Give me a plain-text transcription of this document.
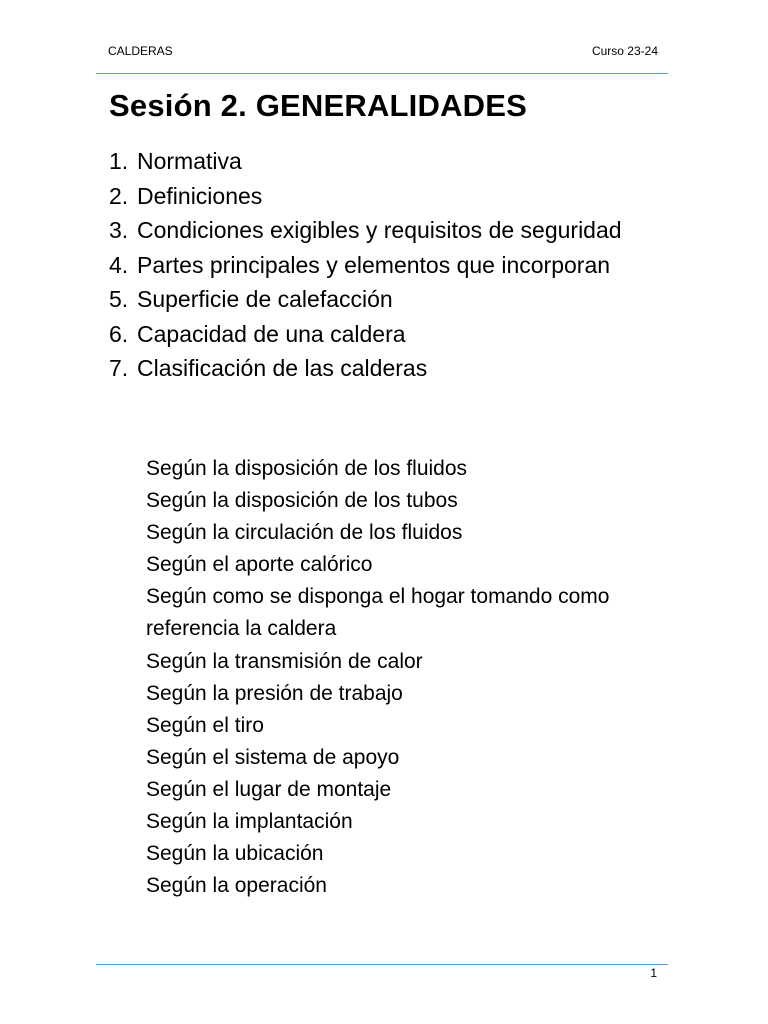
CALDERAS	Curso 23-24
Sesión 2. GENERALIDADES
1. Normativa
2. Definiciones
3. Condiciones exigibles y requisitos de seguridad
4. Partes principales y elementos que incorporan
5. Superficie de calefacción
6. Capacidad de una caldera
7. Clasificación de las calderas
Según la disposición de los fluidos
Según la disposición de los tubos
Según la circulación de los fluidos
Según el aporte calórico
Según como se disponga el hogar tomando como referencia la caldera
Según la transmisión de calor
Según la presión de trabajo
Según el tiro
Según el sistema de apoyo
Según el lugar de montaje
Según la implantación
Según la ubicación
Según la operación
1
